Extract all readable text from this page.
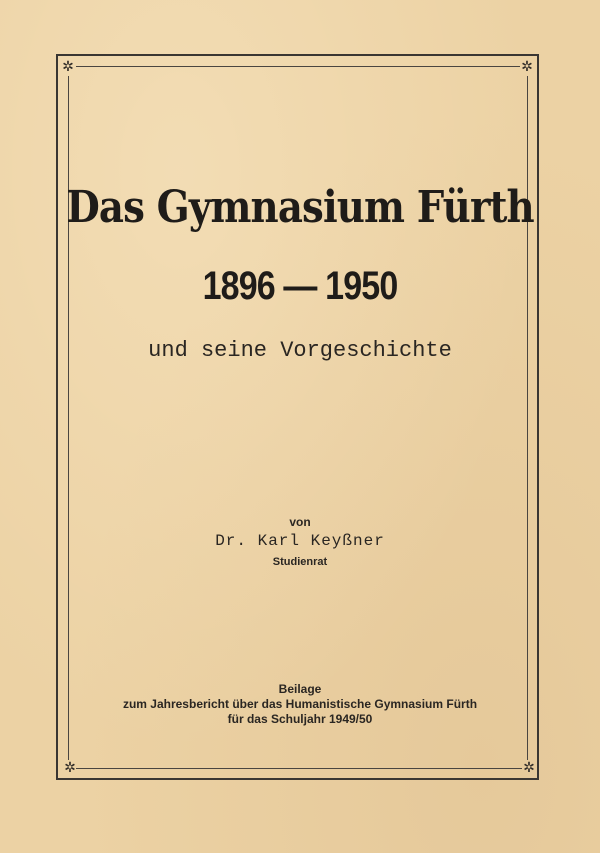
✲	✲
✲	✲
Das Gymnasium Fürth
1896 — 1950
und seine Vorgeschichte
von
Dr. Karl Keyßner
Studienrat
Beilage
zum Jahresbericht über das Humanistische Gymnasium Fürth
für das Schuljahr 1949/50
